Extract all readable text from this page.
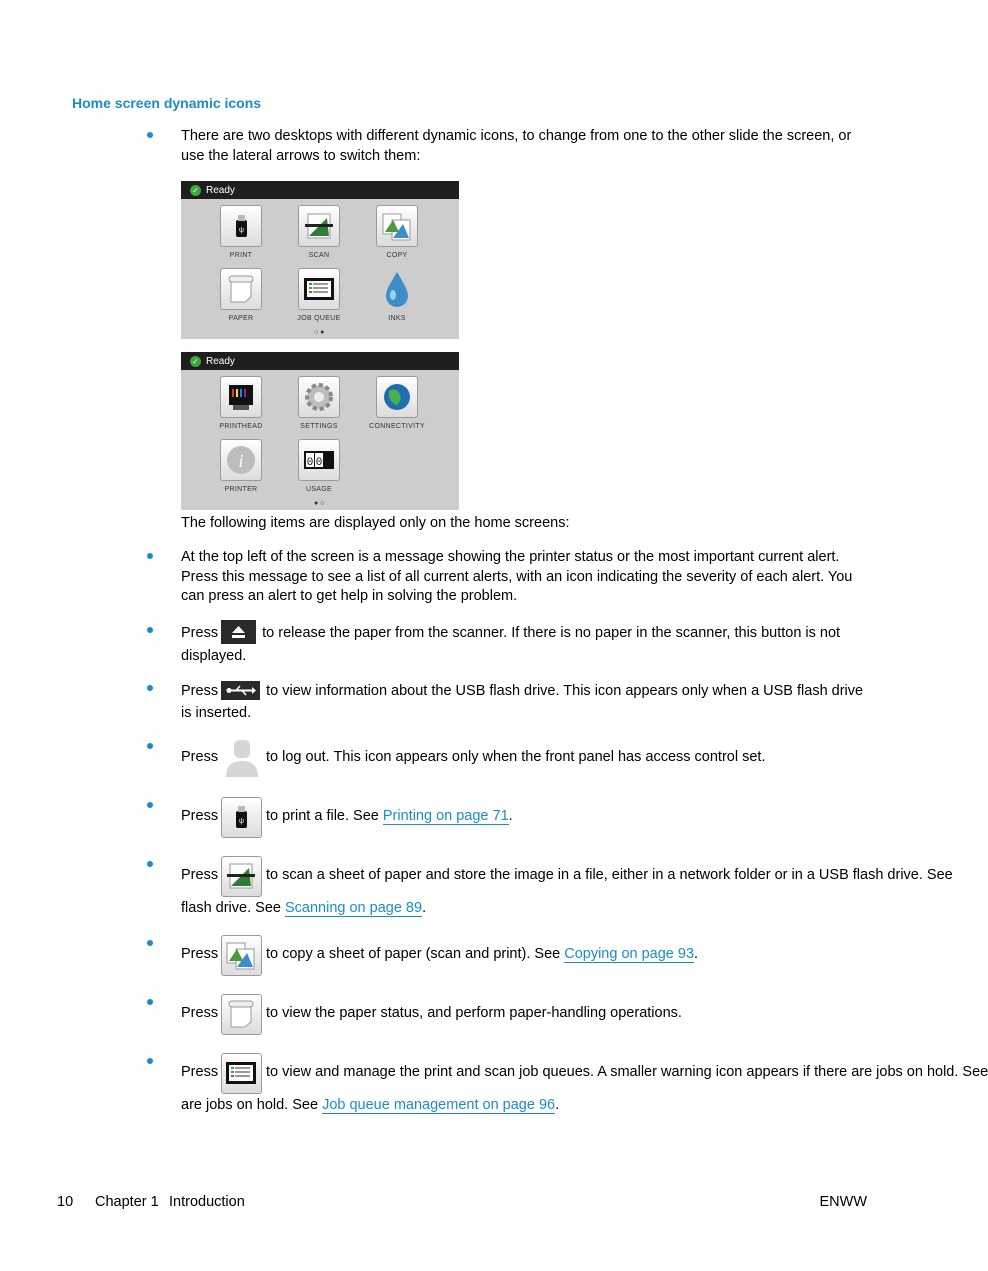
Home screen dynamic icons
There are two desktops with different dynamic icons, to change from one to the other slide the screen, or use the lateral arrows to switch them:
✓ Ready
ψ
PRINT	SCAN	COPY
PAPER	JOB QUEUE	INKS
○ ●
✓ Ready
PRINTHEAD	SETTINGS	CONNECTIVITY
i
PRINTER
0 0
USAGE
● ○
The following items are displayed only on the home screens:
At the top left of the screen is a message showing the printer status or the most important current alert. Press this message to see a list of all current alerts, with an icon indicating the severity of each alert. You can press an alert to get help in solving the problem.
Press	to release the paper from the scanner. If there is no paper in the scanner, this button is not displayed.
Press	to view information about the USB flash drive. This icon appears only when a USB flash drive is inserted.
Press	to log out. This icon appears only when the front panel has access control set.
ψ
Press	to print a file. See Printing on page 71.
Press	to scan a sheet of paper and store the image in a file, either in a network folder or in a USB flash drive. See
flash drive. See Scanning on page 89.
Press	to copy a sheet of paper (scan and print). See Copying on page 93.
Press	to view the paper status, and perform paper-handling operations.
Press	to view and manage the print and scan job queues. A smaller warning icon appears if there are jobs on hold. See
are jobs on hold. See Job queue management on page 96.
10 Chapter 1 Introduction	ENWW
